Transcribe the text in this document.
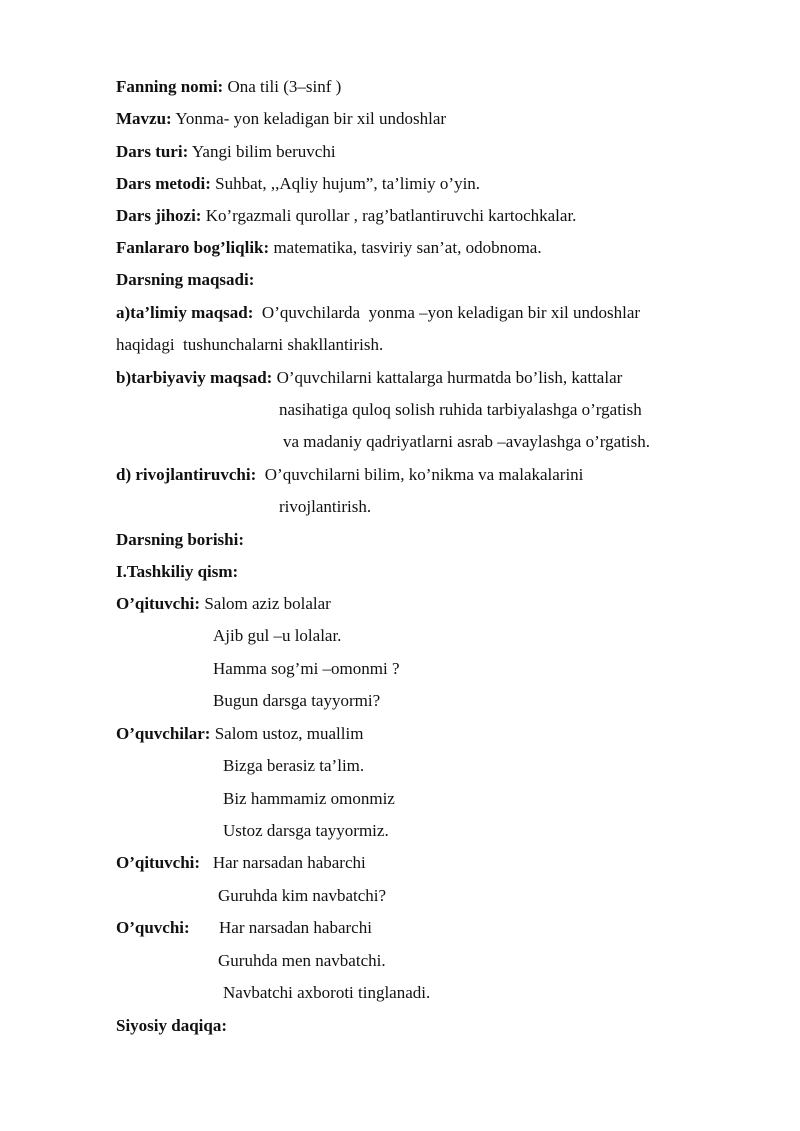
Fanning nomi: Ona tili (3–sinf )
Mavzu: Yonma- yon keladigan bir xil undoshlar
Dars turi: Yangi bilim beruvchi
Dars metodi: Suhbat, ,,Aqliy hujum”, ta’limiy o’yin.
Dars jihozi: Ko’rgazmali qurollar , rag’batlantiruvchi kartochkalar.
Fanlararo bog’liqlik: matematika, tasviriy san’at, odobnoma.
Darsning maqsadi:
a)ta’limiy maqsad: O’quvchilarda  yonma –yon keladigan bir xil undoshlar
haqidagi  tushunchalarni shakllantirish.
b)tarbiyaviy maqsad: O’quvchilarni kattalarga hurmatda bo’lish, kattalar
nasihatiga quloq solish ruhida tarbiyalashga o’rgatish
va madaniy qadriyatlarni asrab –avaylashga o’rgatish.
d) rivojlantiruvchi: O’quvchilarni bilim, ko’nikma va malakalarini
rivojlantirish.
Darsning borishi:
I.Tashkiliy qism:
O’qituvchi: Salom aziz bolalar
Ajib gul –u lolalar.
Hamma sog’mi –omonmi ?
Bugun darsga tayyormi?
O’quvchilar: Salom ustoz, muallim
Bizga berasiz ta’lim.
Biz hammamiz omonmiz
Ustoz darsga tayyormiz.
O’qituvchi: Har narsadan habarchi
Guruhda kim navbatchi?
O’quvchi: Har narsadan habarchi
Guruhda men navbatchi.
Navbatchi axboroti tinglanadi.
Siyosiy daqiqa:
